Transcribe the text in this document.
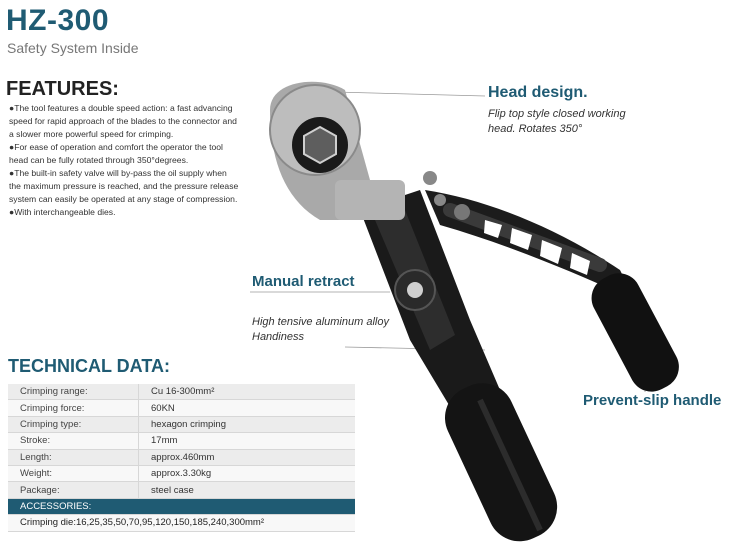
HZ-300
Safety System Inside
FEATURES:

●The tool features a double speed action: a fast advancing speed for rapid approach of the blades to the connector and a slower more powerful speed for crimping.

●For ease of operation and comfort the operator the tool head can be fully rotated through 350°degrees.

●The built-in safety valve will by-pass the oil supply when the maximum pressure is reached, and the pressure release system can easily be operated at any stage of compression.

●With interchangeable dies.

Head design.
Flip top style closed working head. Rotates 350°
Manual retract
High tensive aluminum alloy Handiness
Prevent-slip handle
TECHNICAL DATA:
Crimping range:	Cu 16-300mm²
Crimping force:	60KN
Crimping type:	hexagon crimping
Stroke:	17mm
Length:	approx.460mm
Weight:	approx.3.30kg
Package:	steel case
ACCESSORIES:	
Crimping die:16,25,35,50,70,95,120,150,185,240,300mm²	
